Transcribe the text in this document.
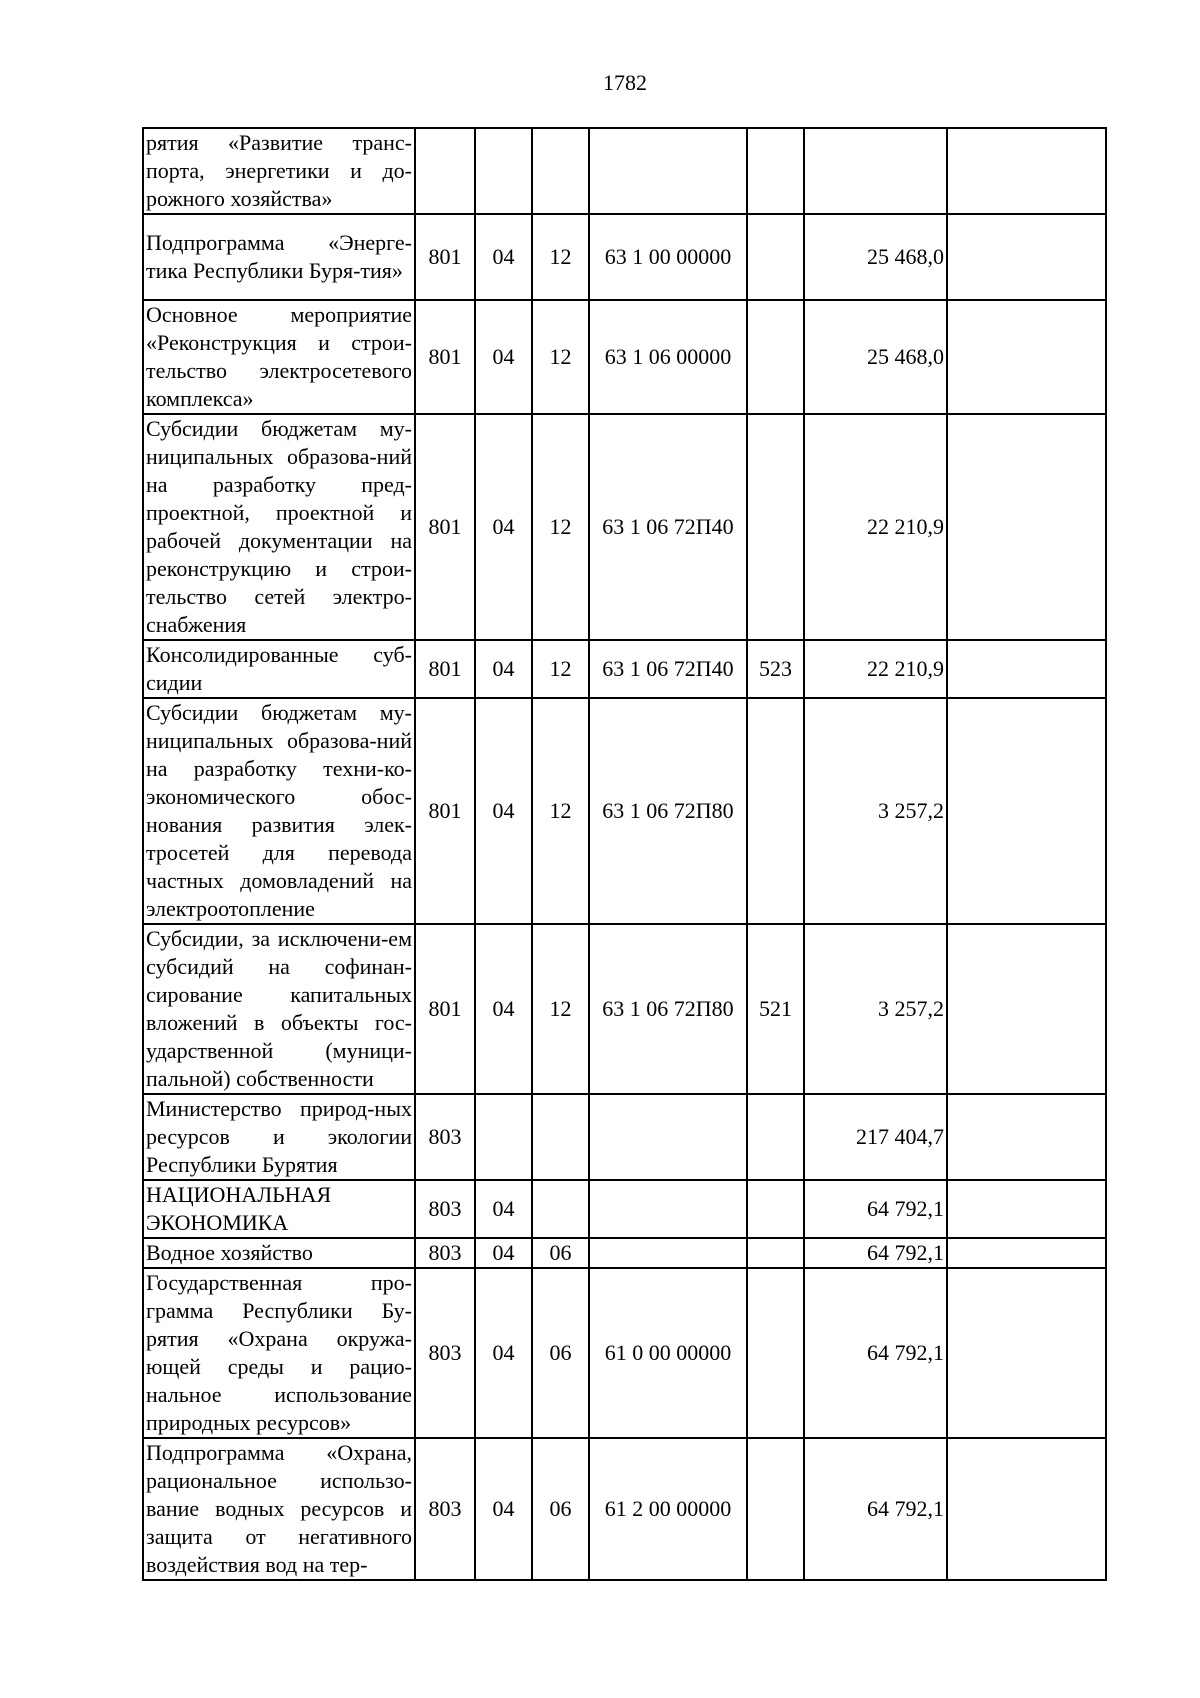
1782
рятия «Развитие транс-порта, энергетики и до-рожного хозяйства»							
Подпрограмма «Энерге-тика Республики Буря-тия»	801	04	12	63 1 00 00000		25 468,0	
Основное мероприятие «Реконструкция и строи-тельство электросетевого комплекса»	801	04	12	63 1 06 00000		25 468,0	
Субсидии бюджетам му-ниципальных образова-ний на разработку пред-проектной, проектной и рабочей документации на реконструкцию и строи-тельство сетей электро-снабжения	801	04	12	63 1 06 72П40		22 210,9	
Консолидированные суб-сидии	801	04	12	63 1 06 72П40	523	22 210,9	
Субсидии бюджетам му-ниципальных образова-ний на разработку техни-ко-экономического обос-нования развития элек-тросетей для перевода частных домовладений на электроотопление	801	04	12	63 1 06 72П80		3 257,2	
Субсидии, за исключени-ем субсидий на софинан-сирование капитальных вложений в объекты гос-ударственной (муници-пальной) собственности	801	04	12	63 1 06 72П80	521	3 257,2	
Министерство природ-ных ресурсов и экологии Республики Бурятия	803					217 404,7	
НАЦИОНАЛЬНАЯ ЭКОНОМИКА	803	04				64 792,1	
Водное хозяйство	803	04	06			64 792,1	
Государственная про-грамма Республики Бу-рятия «Охрана окружа-ющей среды и рацио-нальное использование природных ресурсов»	803	04	06	61 0 00 00000		64 792,1	
Подпрограмма «Охрана, рациональное использо-вание водных ресурсов и защита от негативного воздействия вод на тер-	803	04	06	61 2 00 00000		64 792,1	
